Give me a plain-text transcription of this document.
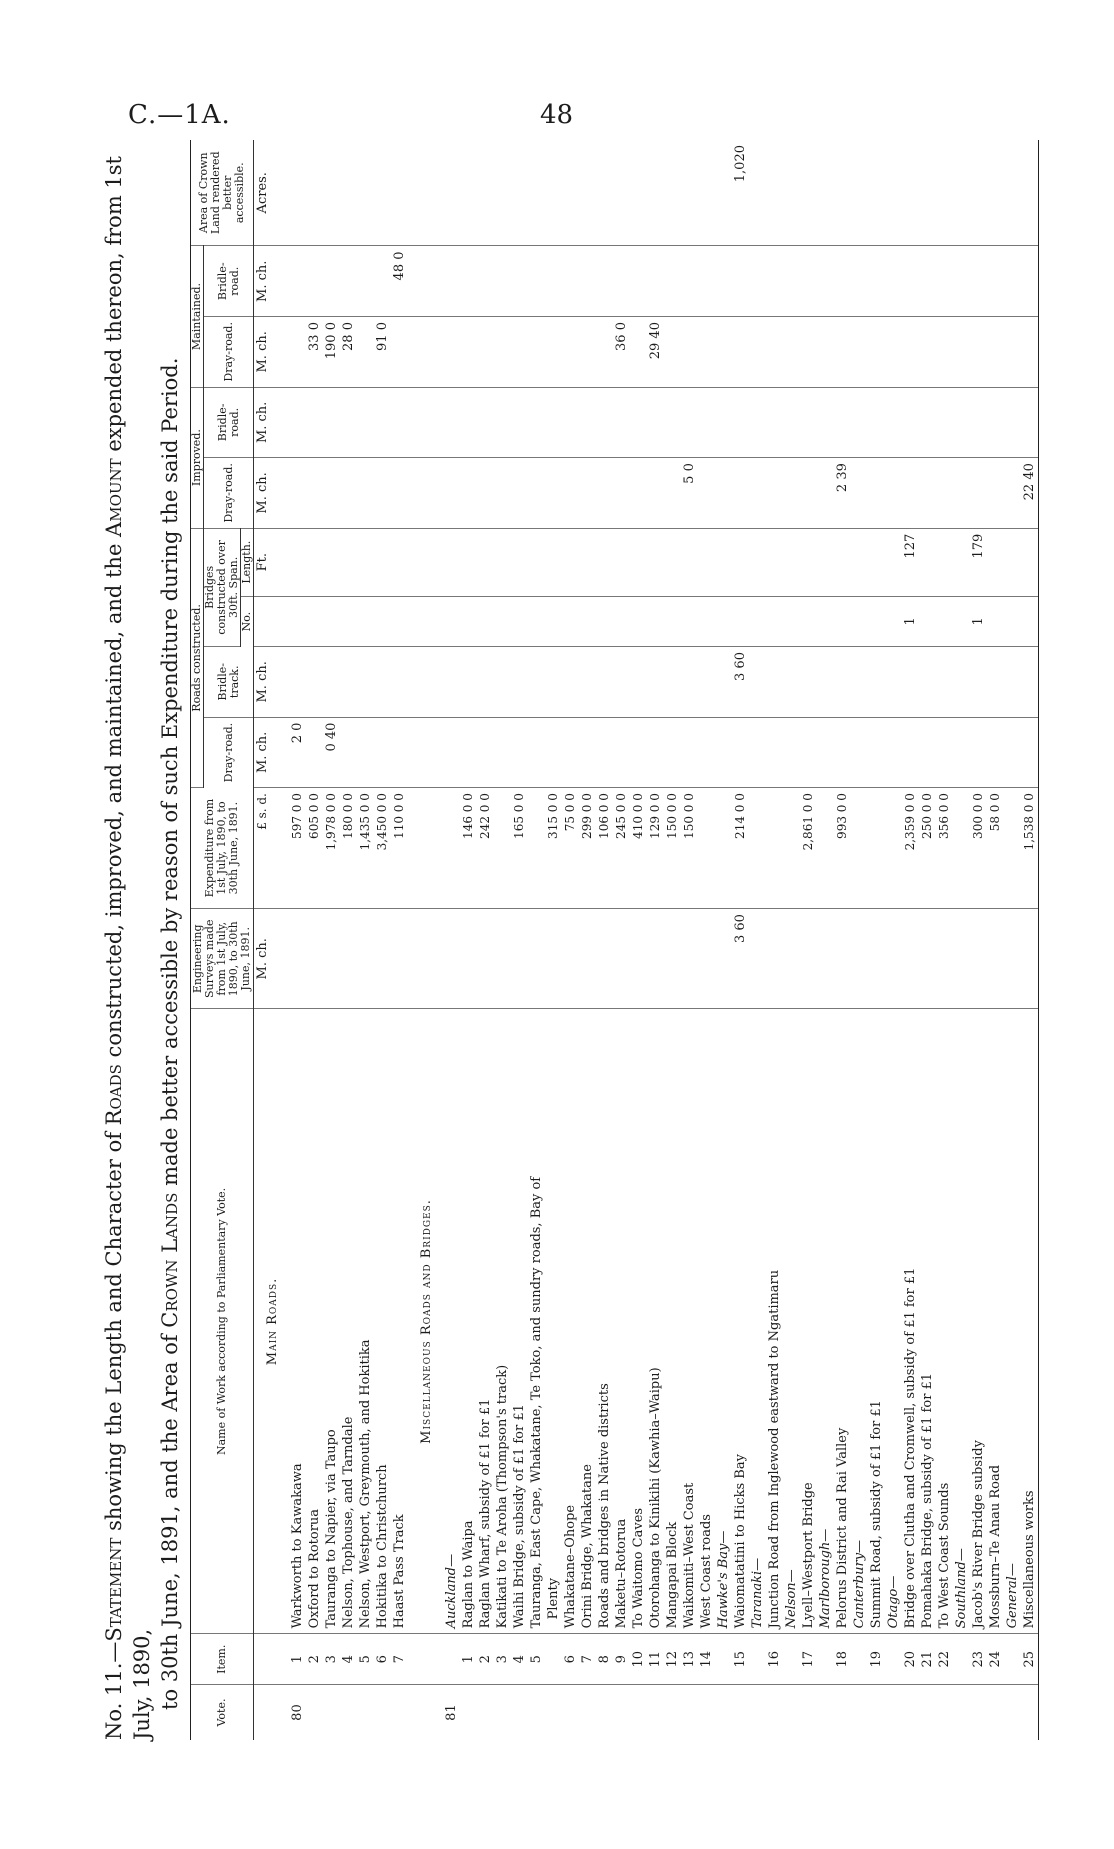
C.—1A.	48
No. 11.—Statement showing the Length and Character of Roads constructed, improved, and maintained, and the Amount expended thereon, from 1st July, 1890, to 30th June, 1891, and the Area of Crown Lands made better accessible by reason of such Expenditure during the said Period.
Vote.	Item.	Name of Work according to Parliamentary Vote.	Engineering Surveys made from 1st July, 1890, to 30th June, 1891.	Expenditure from 1st July, 1890, to 30th June, 1891.	Roads constructed.				Improved.		Maintained.		Area of Crown Land rendered better accessible.
					Dray-road.	Bridle-track.	Bridges constructed over 30ft. Span.		Dray-road.	Bridle-road.	Dray-road.	Bridle-road.	
							No.	Length.					
		Main Roads.	M. ch.	£ s. d.	M. ch.	M. ch.		Ft.	M. ch.	M. ch.	M. ch.	M. ch.	Acres.
80	1	Warkworth to Kawakawa		597 0 0	2 0								
	2	Oxford to Rotorua		605 0 0							33 0		
	3	Tauranga to Napier, via Taupo		1,978 0 0	0 40						190 0		
	4	Nelson, Tophouse, and Tarndale		180 0 0							28 0		
	5	Nelson, Westport, Greymouth, and Hokitika		1,435 0 0									
	6	Hokitika to Christchurch		3,450 0 0							91 0		
	7	Haast Pass Track		110 0 0								48 0	
		Miscellaneous Roads and Bridges.											
81		Auckland—											
	1	Raglan to Waipa		146 0 0									
	2	Raglan Wharf, subsidy of £1 for £1		242 0 0									
	3	Katikati to Te Aroha (Thompson's track)											
	4	Waihi Bridge, subsidy of £1 for £1		165 0 0									
	5	Tauranga, East Cape, Whakatane, Te Toko, and sundry roads, Bay of											
		Plenty		315 0 0									
	6	Whakatane–Ohope		75 0 0									
	7	Orini Bridge, Whakatane		299 0 0									
	8	Roads and bridges in Native districts		106 0 0									
	9	Maketu–Rotorua		245 0 0							36 0		
	10	To Waitomo Caves		410 0 0									
	11	Otorohanga to Kinikihi (Kawhia–Waipu)		129 0 0							29 40		
	12	Mangapai Block		150 0 0									
	13	Waikomiti–West Coast		150 0 0					5 0				
	14	West Coast roads											
		Hawke's Bay—											
	15	Waiomatatini to Hicks Bay	3 60	214 0 0		3 60							1,020
		Taranaki—											
	16	Junction Road from Inglewood eastward to Ngatimaru											
		Nelson—											
	17	Lyell–Westport Bridge		2,861 0 0									
		Marlborough—											
	18	Pelorus District and Rai Valley		993 0 0					2 39				
		Canterbury—											
	19	Summit Road, subsidy of £1 for £1											
		Otago—											
	20	Bridge over Clutha and Cromwell, subsidy of £1 for £1		2,359 0 0			1	127					
	21	Pomahaka Bridge, subsidy of £1 for £1		250 0 0									
	22	To West Coast Sounds		356 0 0									
		Southland—											
	23	Jacob's River Bridge subsidy		300 0 0			1	179					
	24	Mossburn–Te Anau Road		58 0 0									
		General—											
	25	Miscellaneous works		1,538 0 0					22 40				
